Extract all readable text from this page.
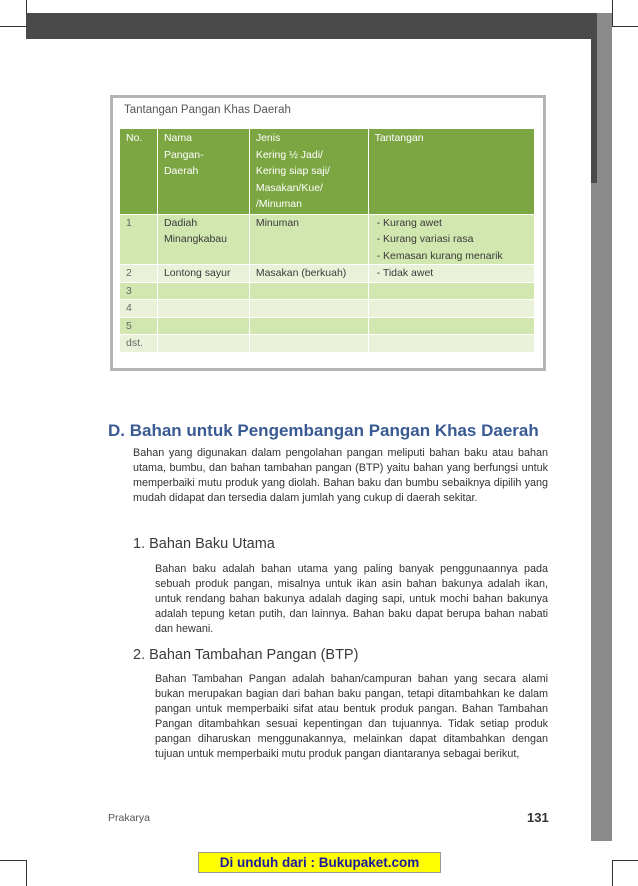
Tantangan Pangan Khas Daerah
No.	Nama
Pangan-
Daerah	Jenis
Kering ½ Jadi/
Kering siap saji/
Masakan/Kue/
/Minuman	Tantangan
1	Dadiah Minangkabau	Minuman	- Kurang awet
- Kurang variasi rasa
- Kemasan kurang menarik

2	Lontong sayur	Masakan (berkuah)	- Tidak awet

3			
4			
5			
dst.			
D. Bahan untuk Pengembangan Pangan Khas Daerah
Bahan yang digunakan dalam pengolahan pangan meliputi bahan baku atau bahan utama, bumbu, dan bahan tambahan pangan (BTP) yaitu bahan yang berfungsi untuk memperbaiki mutu produk yang diolah. Bahan baku dan bumbu sebaiknya dipilih yang mudah didapat dan tersedia dalam jumlah yang cukup di daerah sekitar.
1. Bahan Baku Utama
Bahan baku adalah bahan utama yang paling banyak penggunaannya pada sebuah produk pangan, misalnya untuk ikan asin bahan bakunya adalah ikan, untuk rendang bahan bakunya adalah daging sapi, untuk mochi bahan bakunya adalah tepung ketan putih, dan lainnya. Bahan baku dapat berupa bahan nabati dan hewani.
2. Bahan Tambahan Pangan (BTP)
Bahan Tambahan Pangan adalah bahan/campuran bahan yang secara alami bukan merupakan bagian dari bahan baku pangan, tetapi ditambahkan ke dalam pangan untuk memperbaiki sifat atau bentuk produk pangan. Bahan Tambahan Pangan ditambahkan sesuai kepentingan dan tujuannya. Tidak setiap produk pangan diharuskan menggunakannya, melainkan dapat ditambahkan dengan tujuan untuk memperbaiki mutu produk pangan diantaranya sebagai berikut,
Prakarya	131
Di unduh dari : Bukupaket.com
